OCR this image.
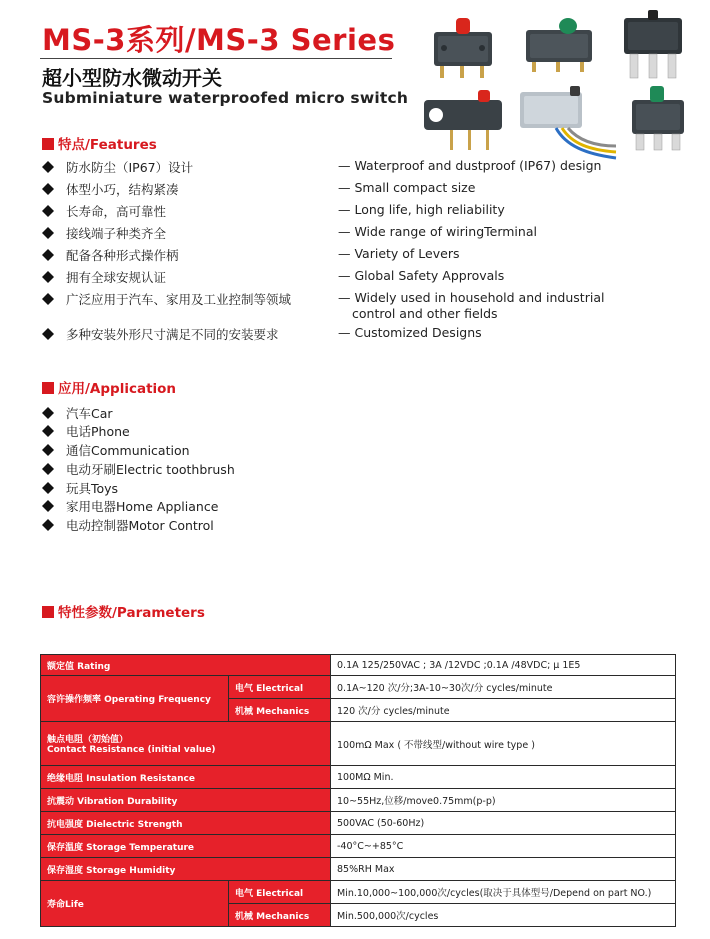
MS-3系列/MS-3 Series
超小型防水微动开关
Subminiature waterproofed micro switch
特点/Features
防水防尘（IP67）设计	— Waterproof and dustproof (IP67) design
体型小巧，结构紧凑	— Small compact size
长寿命，高可靠性	— Long life, high reliability
接线端子种类齐全	— Wide range of wiringTerminal
配备各种形式操作柄	— Variety of Levers
拥有全球安规认证	— Global Safety Approvals
广泛应用于汽车、家用及工业控制等领域	— Widely used in household and industrial
control and other fields
多种安装外形尺寸满足不同的安装要求	— Customized Designs
应用/Application
汽车Car
电话Phone
通信Communication
电动牙刷Electric toothbrush
玩具Toys
家用电器Home Appliance
电动控制器Motor Control
特性参数/Parameters
额定值 Rating		0.1A 125/250VAC ; 3A /12VDC ;0.1A /48VDC; μ 1E5
容许操作频率 Operating Frequency	电气 Electrical	0.1A~120 次/分;3A-10~30次/分 cycles/minute
	机械 Mechanics	120 次/分 cycles/minute

触点电阻（初始值）
Contact Resistance (initial value)		100mΩ Max ( 不带线型/without wire type )
绝缘电阻 Insulation Resistance		100MΩ Min.
抗震动 Vibration Durability		10~55Hz,位移/move0.75mm(p-p)
抗电强度 Dielectric Strength		500VAC (50-60Hz)
保存温度 Storage Temperature		-40°C~+85°C
保存湿度 Storage Humidity		85%RH Max
寿命Life	电气 Electrical	Min.10,000~100,000次/cycles(取决于具体型号/Depend on part NO.)
	机械 Mechanics	Min.500,000次/cycles
